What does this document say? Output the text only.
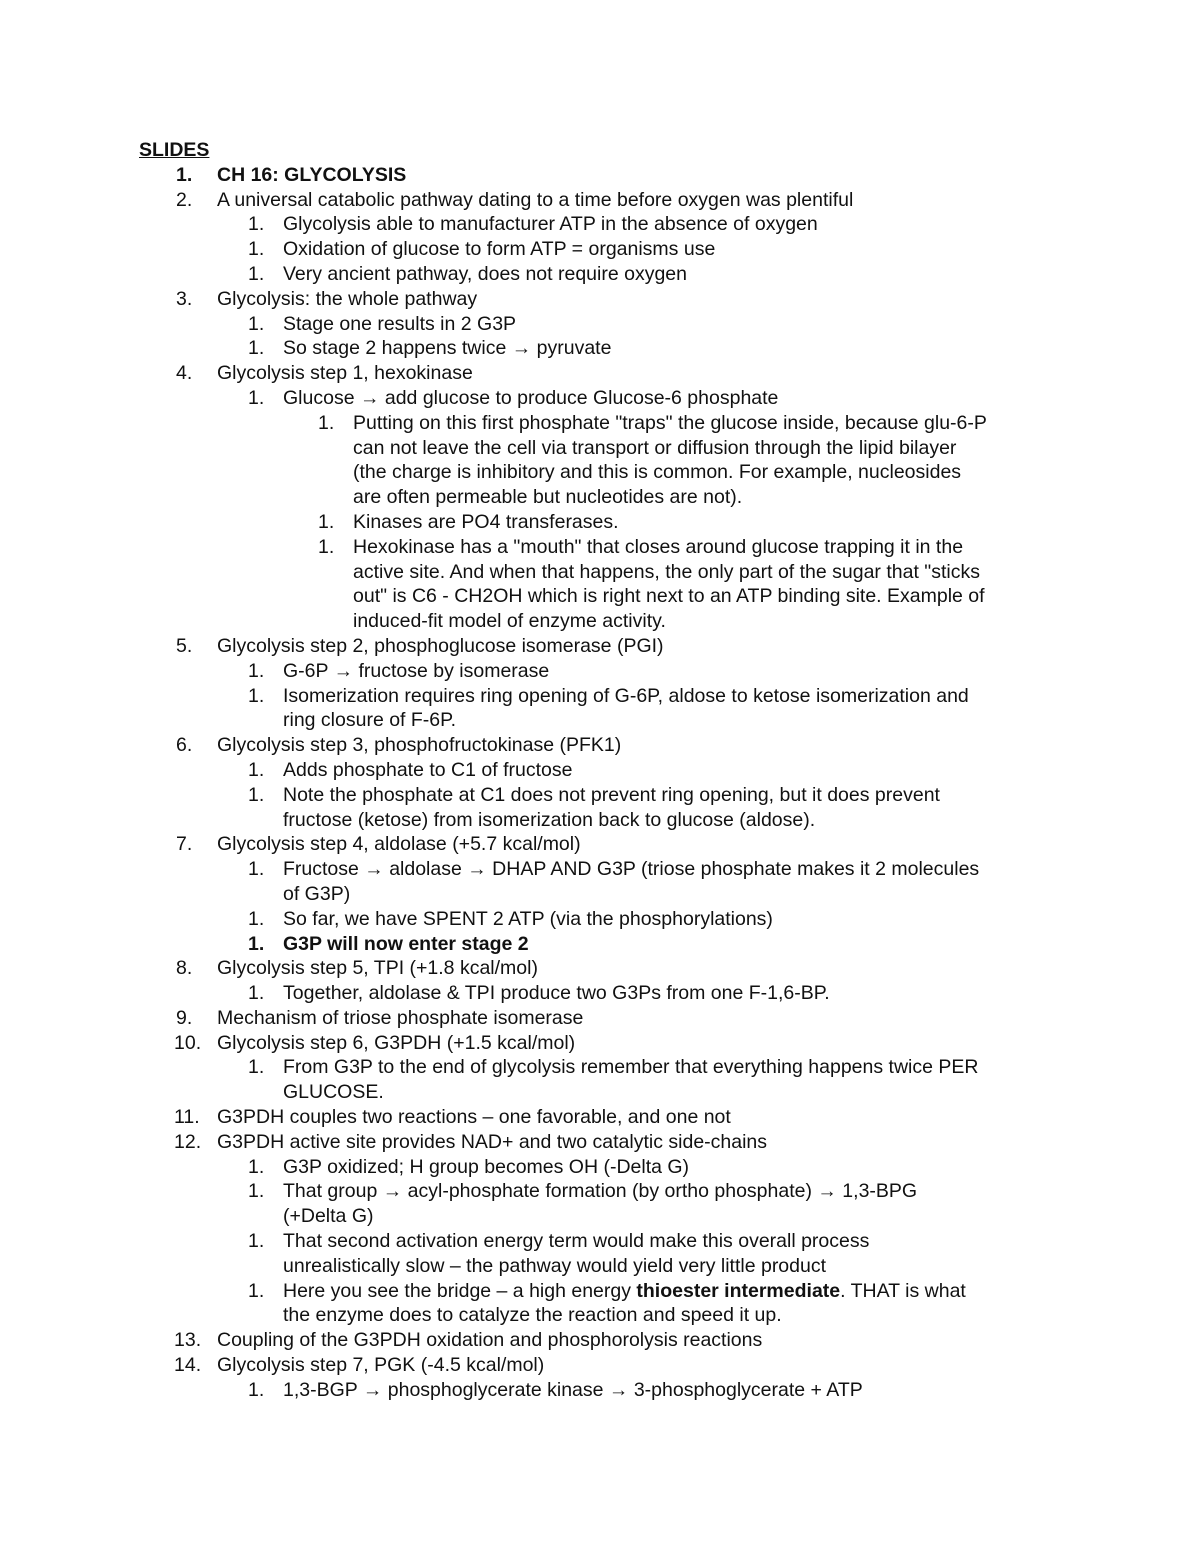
SLIDES
1. CH 16: GLYCOLYSIS
2. A universal catabolic pathway dating to a time before oxygen was plentiful
1. Glycolysis able to manufacturer ATP in the absence of oxygen
1. Oxidation of glucose to form ATP = organisms use
1. Very ancient pathway, does not require oxygen
3. Glycolysis: the whole pathway
1. Stage one results in 2 G3P
1. So stage 2 happens twice → pyruvate
4. Glycolysis step 1, hexokinase
1. Glucose → add glucose to produce Glucose-6 phosphate
1. Putting on this first phosphate "traps" the glucose inside, because glu-6-P
can not leave the cell via transport or diffusion through the lipid bilayer
(the charge is inhibitory and this is common. For example, nucleosides
are often permeable but nucleotides are not).
1. Kinases are PO4 transferases.
1. Hexokinase has a "mouth" that closes around glucose trapping it in the
active site. And when that happens, the only part of the sugar that "sticks
out" is C6 - CH2OH which is right next to an ATP binding site. Example of
induced-fit model of enzyme activity.
5. Glycolysis step 2, phosphoglucose isomerase (PGI)
1. G-6P → fructose by isomerase
1. Isomerization requires ring opening of G-6P, aldose to ketose isomerization and
ring closure of F-6P.
6. Glycolysis step 3, phosphofructokinase (PFK1)
1. Adds phosphate to C1 of fructose
1. Note the phosphate at C1 does not prevent ring opening, but it does prevent
fructose (ketose) from isomerization back to glucose (aldose).
7. Glycolysis step 4, aldolase (+5.7 kcal/mol)
1. Fructose → aldolase → DHAP AND G3P (triose phosphate makes it 2 molecules
of G3P)
1. So far, we have SPENT 2 ATP (via the phosphorylations)
1. G3P will now enter stage 2
8. Glycolysis step 5, TPI (+1.8 kcal/mol)
1. Together, aldolase & TPI produce two G3Ps from one F-1,6-BP.
9. Mechanism of triose phosphate isomerase
10. Glycolysis step 6, G3PDH (+1.5 kcal/mol)
1. From G3P to the end of glycolysis remember that everything happens twice PER
GLUCOSE.
11. G3PDH couples two reactions – one favorable, and one not
12. G3PDH active site provides NAD+ and two catalytic side-chains
1. G3P oxidized; H group becomes OH (-Delta G)
1. That group → acyl-phosphate formation (by ortho phosphate) → 1,3-BPG
(+Delta G)
1. That second activation energy term would make this overall process
unrealistically slow – the pathway would yield very little product
1. Here you see the bridge – a high energy thioester intermediate. THAT is what
the enzyme does to catalyze the reaction and speed it up.
13. Coupling of the G3PDH oxidation and phosphorolysis reactions
14. Glycolysis step 7, PGK (-4.5 kcal/mol)
1. 1,3-BGP → phosphoglycerate kinase → 3-phosphoglycerate + ATP
